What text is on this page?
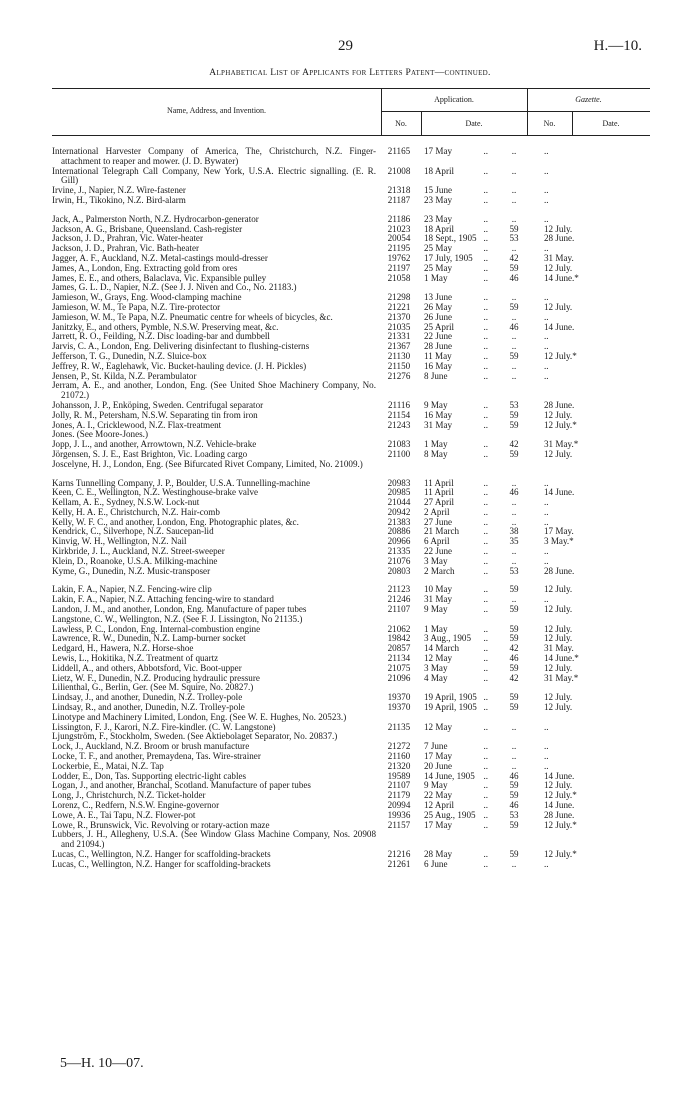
29	H.—10.
Alphabetical List of Applicants for Letters Patent—continued.
Name, Address, and Invention.
Application.	Gazette.
No.	Date.	No.	Date.
International Harvester Company of America, The, Christchurch, N.Z. Finger-attachment to reaper and mower. (J. D. Bywater)
21165	17 May	..	..	..
International Telegraph Call Company, New York, U.S.A. Electric signalling. (E. R. Gill)
21008	18 April	..	..	..
Irvine, J., Napier, N.Z. Wire-fastener	21318	15 June	..	..	..
Irwin, H., Tikokino, N.Z. Bird-alarm	21187	23 May	..	..	..
Jack, A., Palmerston North, N.Z. Hydrocarbon-generator	21186	23 May	..	..	..
Jackson, A. G., Brisbane, Queensland. Cash-register	21023	18 April	..	59	12 July.
Jackson, J. D., Prahran, Vic. Water-heater	20054	18 Sept., 1905 ..	53	28 June.
Jackson, J. D., Prahran, Vic. Bath-heater	21195	25 May	..	..	..
Jagger, A. F., Auckland, N.Z. Metal-castings mould-dresser	19762	17 July, 1905 ..	42	31 May.
James, A., London, Eng. Extracting gold from ores	21197	25 May	..	59	12 July.
James, E. E., and others, Balaclava, Vic. Expansible pulley	21058	1 May	..	46	14 June.*
James, G. L. D., Napier, N.Z. (See J. J. Niven and Co., No. 21183.)
Jamieson, W., Grays, Eng. Wood-clamping machine	21298	13 June	..	..	..
Jamieson, W. M., Te Papa, N.Z. Tire-protector	21221	26 May	..	59	12 July.
Jamieson, W. M., Te Papa, N.Z. Pneumatic centre for wheels of bicycles, &c.	21370	26 June	..	..	..
Janitzky, E., and others, Pymble, N.S.W. Preserving meat, &c.	21035	25 April	..	46	14 June.
Jarrett, R. O., Feilding, N.Z. Disc loading-bar and dumbbell	21331	22 June	..	..	..
Jarvis, C. A., London, Eng. Delivering disinfectant to flushing-cisterns	21367	28 June	..	..	..
Jefferson, T. G., Dunedin, N.Z. Sluice-box	21130	11 May	..	59	12 July.*
Jeffrey, R. W., Eaglehawk, Vic. Bucket-hauling device. (J. H. Pickles)	21150	16 May	..	..	..
Jensen, P., St. Kilda, N.Z. Perambulator	21276	8 June	..	..	..
Jerram, A. E., and another, London, Eng. (See United Shoe Machinery Company, No. 21072.)
Johansson, J. P., Enköping, Sweden. Centrifugal separator	21116	9 May	..	53	28 June.
Jolly, R. M., Petersham, N.S.W. Separating tin from iron	21154	16 May	..	59	12 July.
Jones, A. I., Cricklewood, N.Z. Flax-treatment	21243	31 May	..	59	12 July.*
Jones. (See Moore-Jones.)
Jopp, J. L., and another, Arrowtown, N.Z. Vehicle-brake	21083	1 May	..	42	31 May.*
Jörgensen, S. J. E., East Brighton, Vic. Loading cargo	21100	8 May	..	59	12 July.
Joscelyne, H. J., London, Eng. (See Bifurcated Rivet Company, Limited, No. 21009.)
Karns Tunnelling Company, J. P., Boulder, U.S.A. Tunnelling-machine	20983	11 April	..	..	..
Keen, C. E., Wellington, N.Z. Westinghouse-brake valve	20985	11 April	..	46	14 June.
Kellam, A. E., Sydney, N.S.W. Lock-nut	21044	27 April	..	..	..
Kelly, H. A. E., Christchurch, N.Z. Hair-comb	20942	2 April	..	..	..
Kelly, W. F. C., and another, London, Eng. Photographic plates, &c.	21383	27 June	..	..	..
Kendrick, C., Silverhope, N.Z. Saucepan-lid	20886	21 March	..	38	17 May.
Kinvig, W. H., Wellington, N.Z. Nail	20966	6 April	..	35	3 May.*
Kirkbride, J. L., Auckland, N.Z. Street-sweeper	21335	22 June	..	..	..
Klein, D., Roanoke, U.S.A. Milking-machine	21076	3 May	..	..	..
Kyme, G., Dunedin, N.Z. Music-transposer	20803	2 March	..	53	28 June.
Lakin, F. A., Napier, N.Z. Fencing-wire clip	21123	10 May	..	59	12 July.
Lakin, F. A., Napier, N.Z. Attaching fencing-wire to standard	21246	31 May	..	..	..
Landon, J. M., and another, London, Eng. Manufacture of paper tubes	21107	9 May	..	59	12 July.
Langstone, C. W., Wellington, N.Z. (See F. J. Lissington, No 21135.)
Lawless, P. C., London, Eng. Internal-combustion engine	21062	1 May	..	59	12 July.
Lawrence, R. W., Dunedin, N.Z. Lamp-burner socket	19842	3 Aug., 1905 ..	59	12 July.
Ledgard, H., Hawera, N.Z. Horse-shoe	20857	14 March	..	42	31 May.
Lewis, L., Hokitika, N.Z. Treatment of quartz	21134	12 May	..	46	14 June.*
Liddell, A., and others, Abbotsford, Vic. Boot-upper	21075	3 May	..	59	12 July.
Lietz, W. F., Dunedin, N.Z. Producing hydraulic pressure	21096	4 May	..	42	31 May.*
Lilienthal, G., Berlin, Ger. (See M. Squire, No. 20827.)
Lindsay, J., and another, Dunedin, N.Z. Trolley-pole	19370	19 April, 1905 ..	59	12 July.
Lindsay, R., and another, Dunedin, N.Z. Trolley-pole	19370	19 April, 1905 ..	59	12 July.
Linotype and Machinery Limited, London, Eng. (See W. E. Hughes, No. 20523.)
Lissington, F. J., Karori, N.Z. Fire-kindler. (C. W. Langstone)	21135	12 May	..	..	..
Ljungström, F., Stockholm, Sweden. (See Aktiebolaget Separator, No. 20837.)
Lock, J., Auckland, N.Z. Broom or brush manufacture	21272	7 June	..	..	..
Locke, T. F., and another, Premaydena, Tas. Wire-strainer	21160	17 May	..	..	..
Lockerbie, E., Matai, N.Z. Tap	21320	20 June	..	..	..
Lodder, E., Don, Tas. Supporting electric-light cables	19589	14 June, 1905 ..	46	14 June.
Logan, J., and another, Branchal, Scotland. Manufacture of paper tubes	21107	9 May	..	59	12 July.
Long, J., Christchurch, N.Z. Ticket-holder	21179	22 May	..	59	12 July.*
Lorenz, C., Redfern, N.S.W. Engine-governor	20994	12 April	..	46	14 June.
Lowe, A. E., Tai Tapu, N.Z. Flower-pot	19936	25 Aug., 1905 ..	53	28 June.
Lowe, R., Brunswick, Vic. Revolving or rotary-action maze	21157	17 May	..	59	12 July.*
Lubbers, J. H., Allegheny, U.S.A. (See Window Glass Machine Company, Nos. 20908 and 21094.)
Lucas, C., Wellington, N.Z. Hanger for scaffolding-brackets	21216	28 May	..	59	12 July.*
Lucas, C., Wellington, N.Z. Hanger for scaffolding-brackets	21261	6 June	..	..	..
5—H. 10—07.
